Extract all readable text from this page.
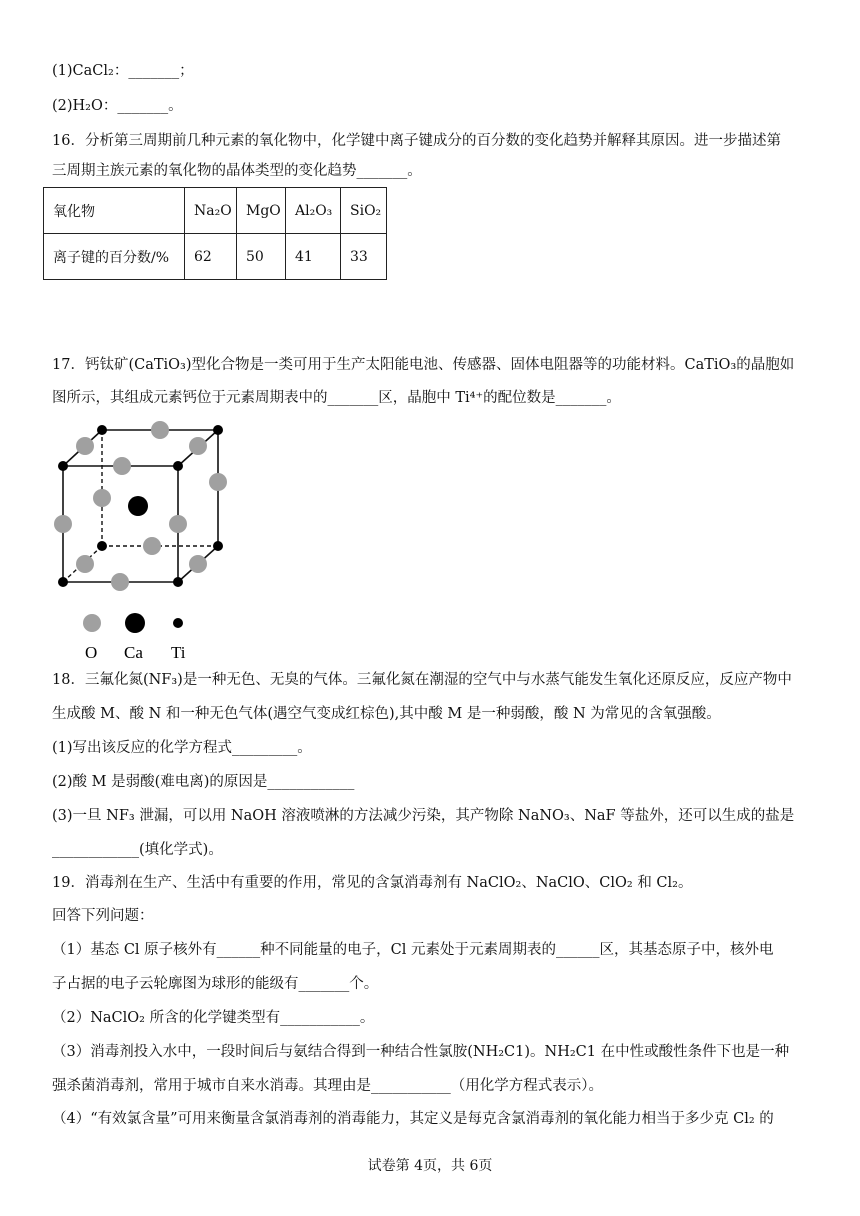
(1)CaCl₂：_______；
(2)H₂O：_______。
16．分析第三周期前几种元素的氧化物中，化学键中离子键成分的百分数的变化趋势并解释其原因。进一步描述第
三周期主族元素的氧化物的晶体类型的变化趋势_______。
氧化物	Na₂O	MgO	Al₂O₃	SiO₂
离子键的百分数/%	62	50	41	33
17．钙钛矿(CaTiO₃)型化合物是一类可用于生产太阳能电池、传感器、固体电阻器等的功能材料。CaTiO₃的晶胞如
图所示，其组成元素钙位于元素周期表中的_______区，晶胞中 Ti⁴⁺的配位数是_______。
O Ca Ti
18．三氟化氮(NF₃)是一种无色、无臭的气体。三氟化氮在潮湿的空气中与水蒸气能发生氧化还原反应，反应产物中
生成酸 M、酸 N 和一种无色气体(遇空气变成红棕色),其中酸 M 是一种弱酸，酸 N 为常见的含氧强酸。
(1)写出该反应的化学方程式_________。
(2)酸 M 是弱酸(难电离)的原因是____________
(3)一旦 NF₃ 泄漏，可以用 NaOH 溶液喷淋的方法减少污染，其产物除 NaNO₃、NaF 等盐外，还可以生成的盐是
____________(填化学式)。
19．消毒剂在生产、生活中有重要的作用，常见的含氯消毒剂有 NaClO₂、NaClO、ClO₂ 和 Cl₂。
回答下列问题：
（1）基态 Cl 原子核外有______种不同能量的电子，Cl 元素处于元素周期表的______区，其基态原子中，核外电
子占据的电子云轮廓图为球形的能级有_______个。
（2）NaClO₂ 所含的化学键类型有___________。
（3）消毒剂投入水中，一段时间后与氨结合得到一种结合性氯胺(NH₂C1)。NH₂C1 在中性或酸性条件下也是一种
强杀菌消毒剂，常用于城市自来水消毒。其理由是___________（用化学方程式表示）。
（4）“有效氯含量”可用来衡量含氯消毒剂的消毒能力，其定义是每克含氯消毒剂的氧化能力相当于多少克 Cl₂ 的
试卷第 4页，共 6页
